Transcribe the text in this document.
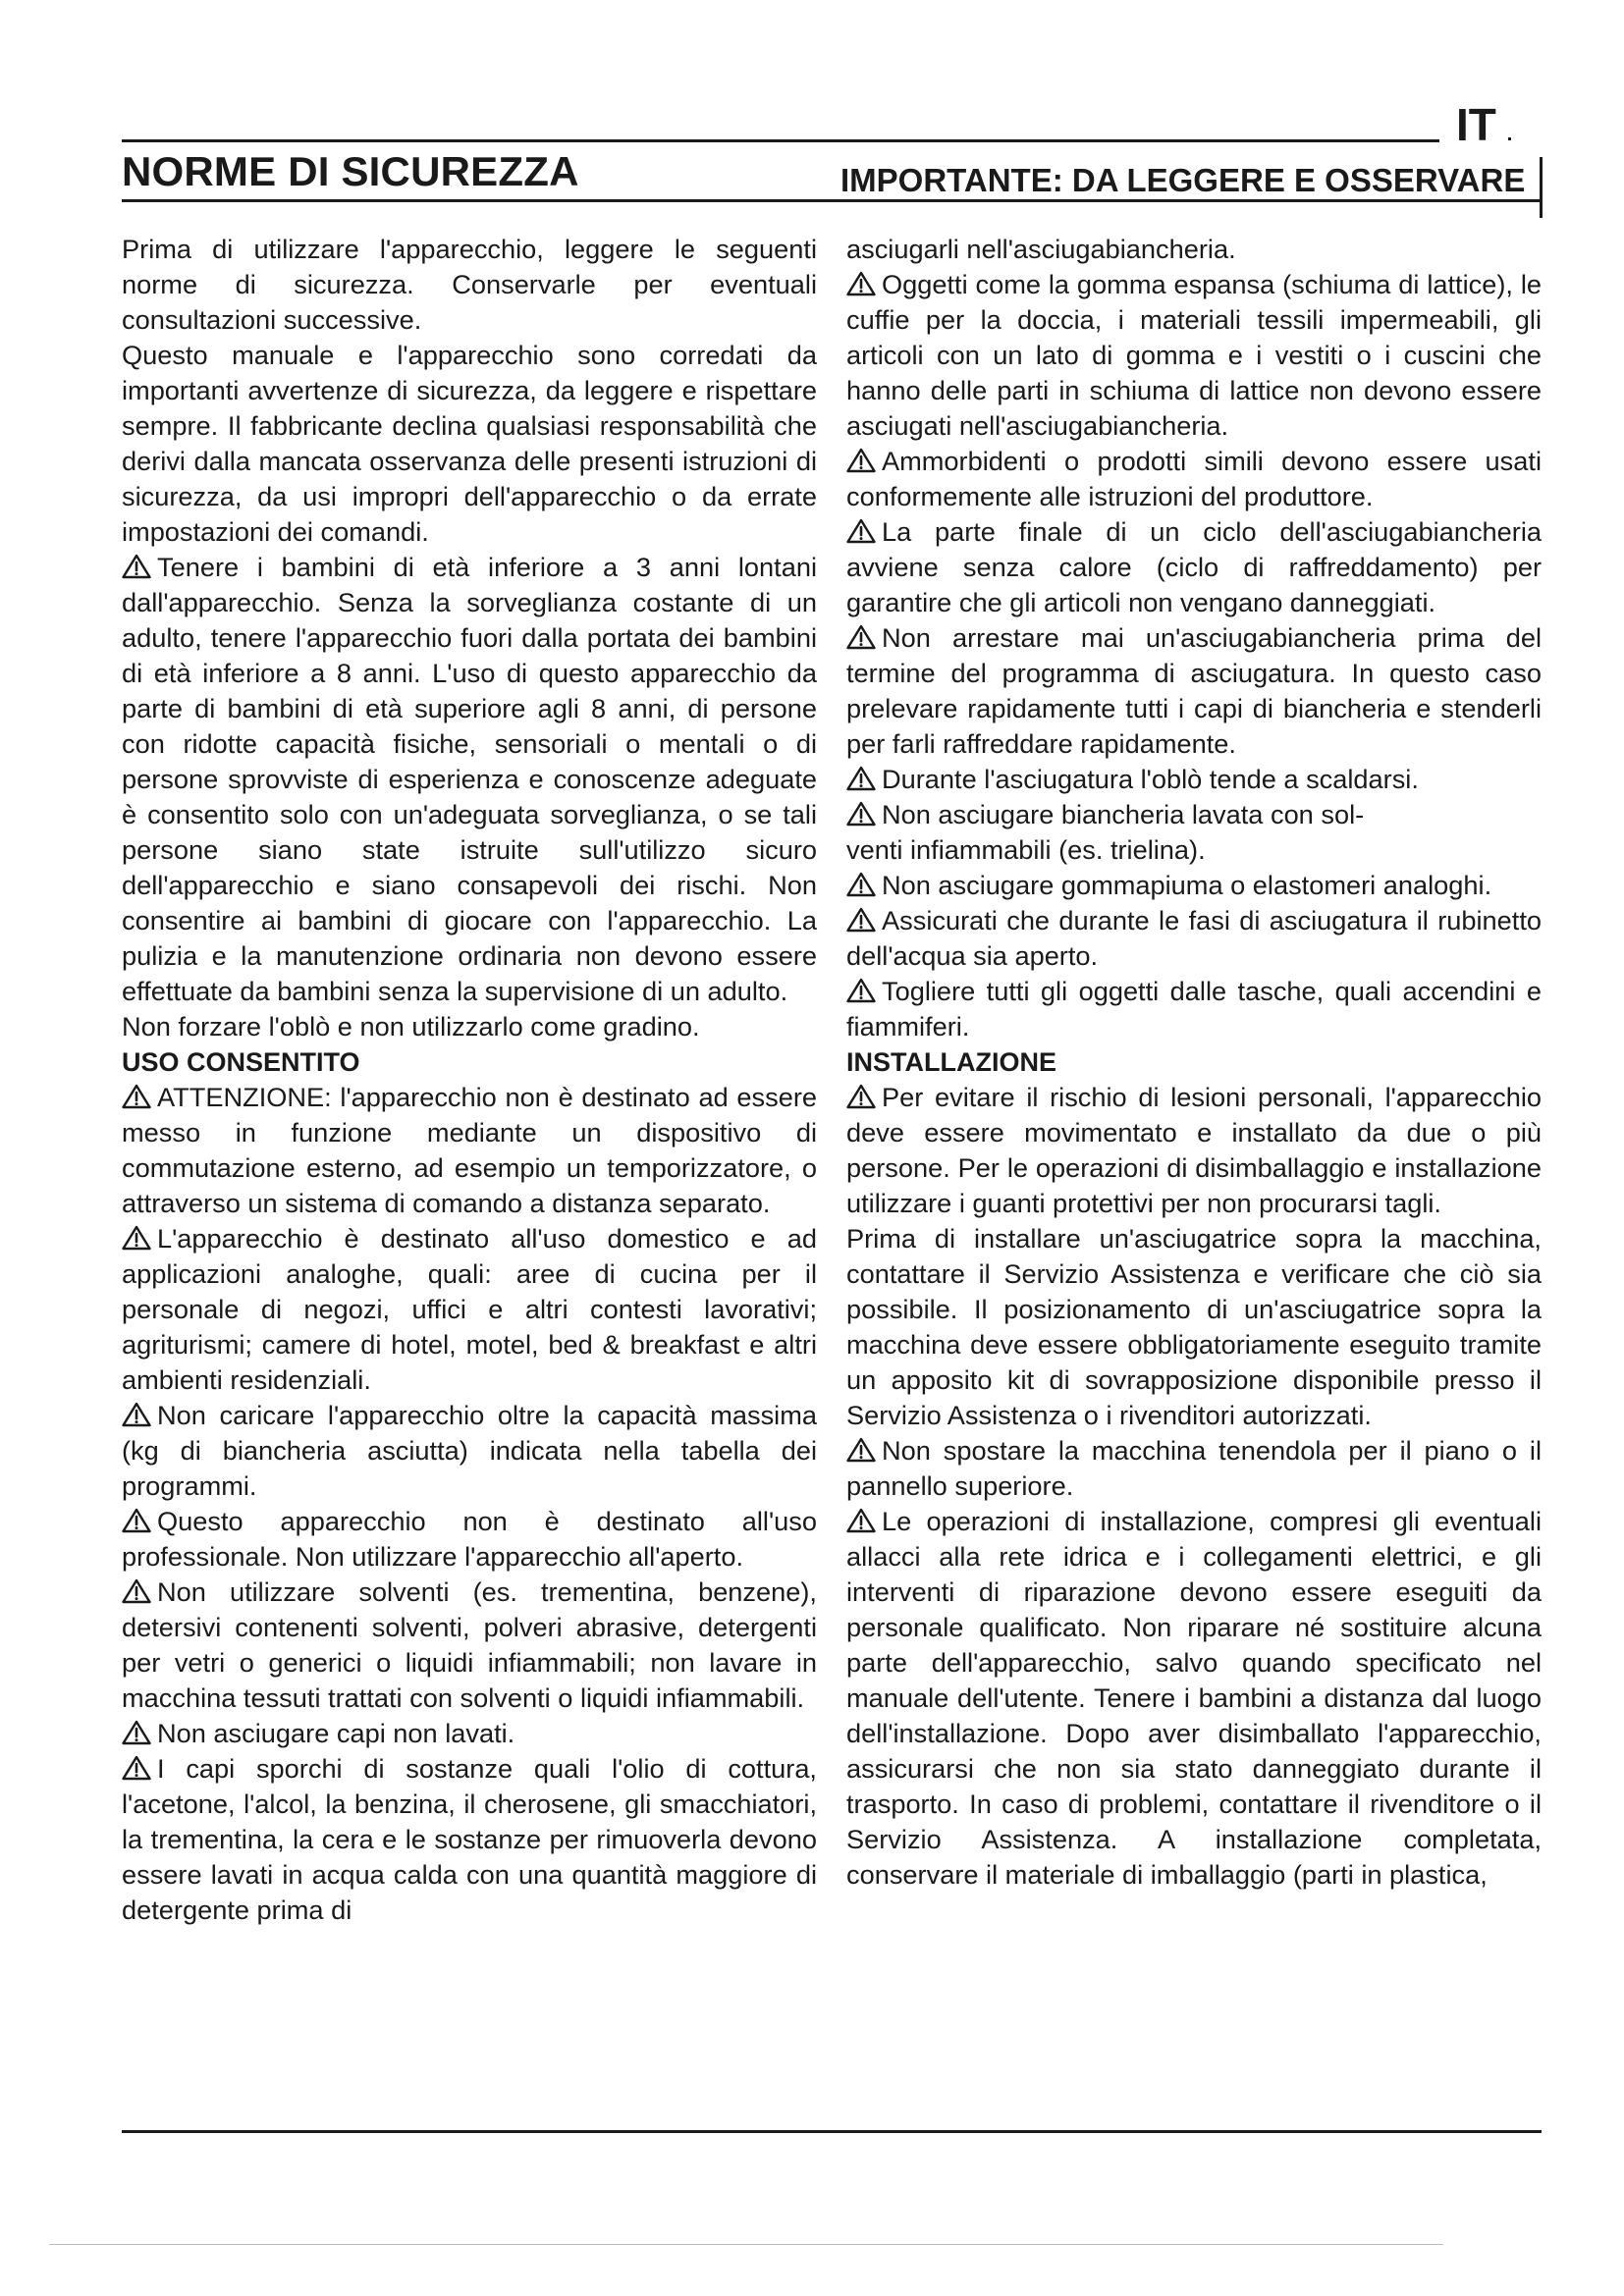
IT
NORME DI SICUREZZA	IMPORTANTE: DA LEGGERE E OSSERVARE

Prima di utilizzare l'apparecchio, leggere le seguenti norme di sicurezza. Conservarle per eventuali consultazioni successive.

Questo manuale e l'apparecchio sono corredati da importanti avvertenze di sicurezza, da leggere e rispettare sempre. Il fabbricante declina qualsiasi responsabilità che derivi dalla mancata osservanza delle presenti istruzioni di sicurezza, da usi impropri dell'apparecchio o da errate impostazioni dei comandi.

Tenere i bambini di età inferiore a 3 anni lontani dall'apparecchio. Senza la sorveglianza costante di un adulto, tenere l'apparecchio fuori dalla portata dei bambini di età inferiore a 8 anni. L'uso di questo apparecchio da parte di bambini di età superiore agli 8 anni, di persone con ridotte capacità fisiche, sensoriali o mentali o di persone sprovviste di esperienza e conoscenze adeguate è consentito solo con un'adeguata sorveglianza, o se tali persone siano state istruite sull'utilizzo sicuro dell'apparecchio e siano consapevoli dei rischi. Non consentire ai bambini di giocare con l'apparecchio. La pulizia e la manutenzione ordinaria non devono essere effettuate da bambini senza la supervisione di un adulto.

Non forzare l'oblò e non utilizzarlo come gradino.

USO CONSENTITO

ATTENZIONE: l'apparecchio non è destinato ad essere messo in funzione mediante un dispositivo di commutazione esterno, ad esempio un temporizzatore, o attraverso un sistema di comando a distanza separato.

L'apparecchio è destinato all'uso domestico e ad applicazioni analoghe, quali: aree di cucina per il personale di negozi, uffici e altri contesti lavorativi; agriturismi; camere di hotel, motel, bed & breakfast e altri ambienti residenziali.

Non caricare l'apparecchio oltre la capacità massima (kg di biancheria asciutta) indicata nella tabella dei programmi.

Questo apparecchio non è destinato all'uso professionale. Non utilizzare l'apparecchio all'aperto.

Non utilizzare solventi (es. trementina, benzene), detersivi contenenti solventi, polveri abrasive, detergenti per vetri o generici o liquidi infiammabili; non lavare in macchina tessuti trattati con solventi o liquidi infiammabili.

Non asciugare capi non lavati.

I capi sporchi di sostanze quali l'olio di cottura, l'acetone, l'alcol, la benzina, il cherosene, gli smacchiatori, la trementina, la cera e le sostanze per rimuoverla devono essere lavati in acqua calda con una quantità maggiore di detergente prima di

asciugarli nell'asciugabiancheria.

Oggetti come la gomma espansa (schiuma di lattice), le cuffie per la doccia, i materiali tessili impermeabili, gli articoli con un lato di gomma e i vestiti o i cuscini che hanno delle parti in schiuma di lattice non devono essere asciugati nell'asciugabiancheria.

Ammorbidenti o prodotti simili devono essere usati conformemente alle istruzioni del produttore.

La parte finale di un ciclo dell'asciugabiancheria avviene senza calore (ciclo di raffreddamento) per garantire che gli articoli non vengano danneggiati.

Non arrestare mai un'asciugabiancheria prima del termine del programma di asciugatura. In questo caso prelevare rapidamente tutti i capi di biancheria e stenderli per farli raffreddare rapidamente.

Durante l'asciugatura l'oblò tende a scaldarsi.

Non asciugare biancheria lavata con sol-
venti infiammabili (es. trielina).

Non asciugare gommapiuma o elastomeri analoghi.

Assicurati che durante le fasi di asciugatura il rubinetto dell'acqua sia aperto.

Togliere tutti gli oggetti dalle tasche, quali accendini e fiammiferi.

INSTALLAZIONE

Per evitare il rischio di lesioni personali, l'apparecchio deve essere movimentato e installato da due o più persone. Per le operazioni di disimballaggio e installazione utilizzare i guanti protettivi per non procurarsi tagli.

Prima di installare un'asciugatrice sopra la macchina, contattare il Servizio Assistenza e verificare che ciò sia possibile. Il posizionamento di un'asciugatrice sopra la macchina deve essere obbligatoriamente eseguito tramite un apposito kit di sovrapposizione disponibile presso il Servizio Assistenza o i rivenditori autorizzati.

Non spostare la macchina tenendola per il piano o il pannello superiore.

Le operazioni di installazione, compresi gli eventuali allacci alla rete idrica e i collegamenti elettrici, e gli interventi di riparazione devono essere eseguiti da personale qualificato. Non riparare né sostituire alcuna parte dell'apparecchio, salvo quando specificato nel manuale dell'utente. Tenere i bambini a distanza dal luogo dell'installazione. Dopo aver disimballato l'apparecchio, assicurarsi che non sia stato danneggiato durante il trasporto. In caso di problemi, contattare il rivenditore o il Servizio Assistenza. A installazione completata, conservare il materiale di imballaggio (parti in plastica,
